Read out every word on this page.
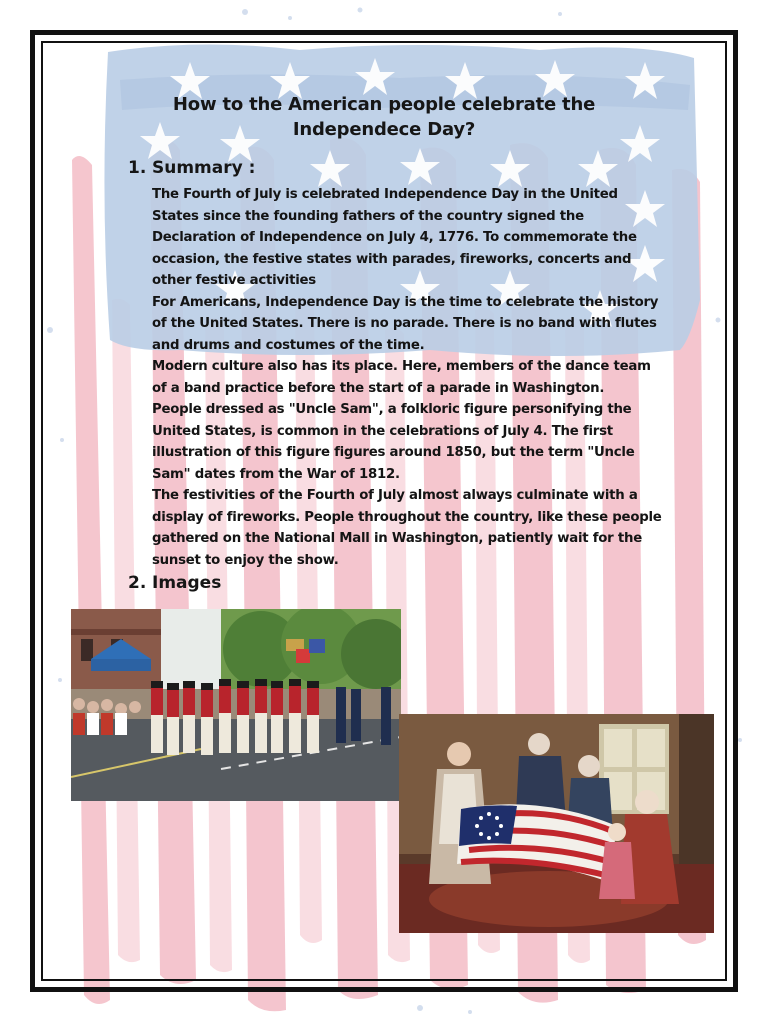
How to the American people celebrate the Independece Day?
1. Summary :

The Fourth of July is celebrated Independence Day in the United States since the founding fathers of the country signed the Declaration of Independence on July 4, 1776. To commemorate the occasion, the festive states with parades, fireworks, concerts and other festive activities

For Americans, Independence Day is the time to celebrate the history of the United States. There is no parade. There is no band with flutes and drums and costumes of the time.

Modern culture also has its place. Here, members of the dance team of a band practice before the start of a parade in Washington.

People dressed as "Uncle Sam", a folkloric figure personifying the United States, is common in the celebrations of July 4. The first illustration of this figure figures around 1850, but the term "Uncle Sam" dates from the War of 1812.

The festivities of the Fourth of July almost always culminate with a display of fireworks. People throughout the country, like these people gathered on the National Mall in Washington, patiently wait for the sunset to enjoy the show.

2. Images
